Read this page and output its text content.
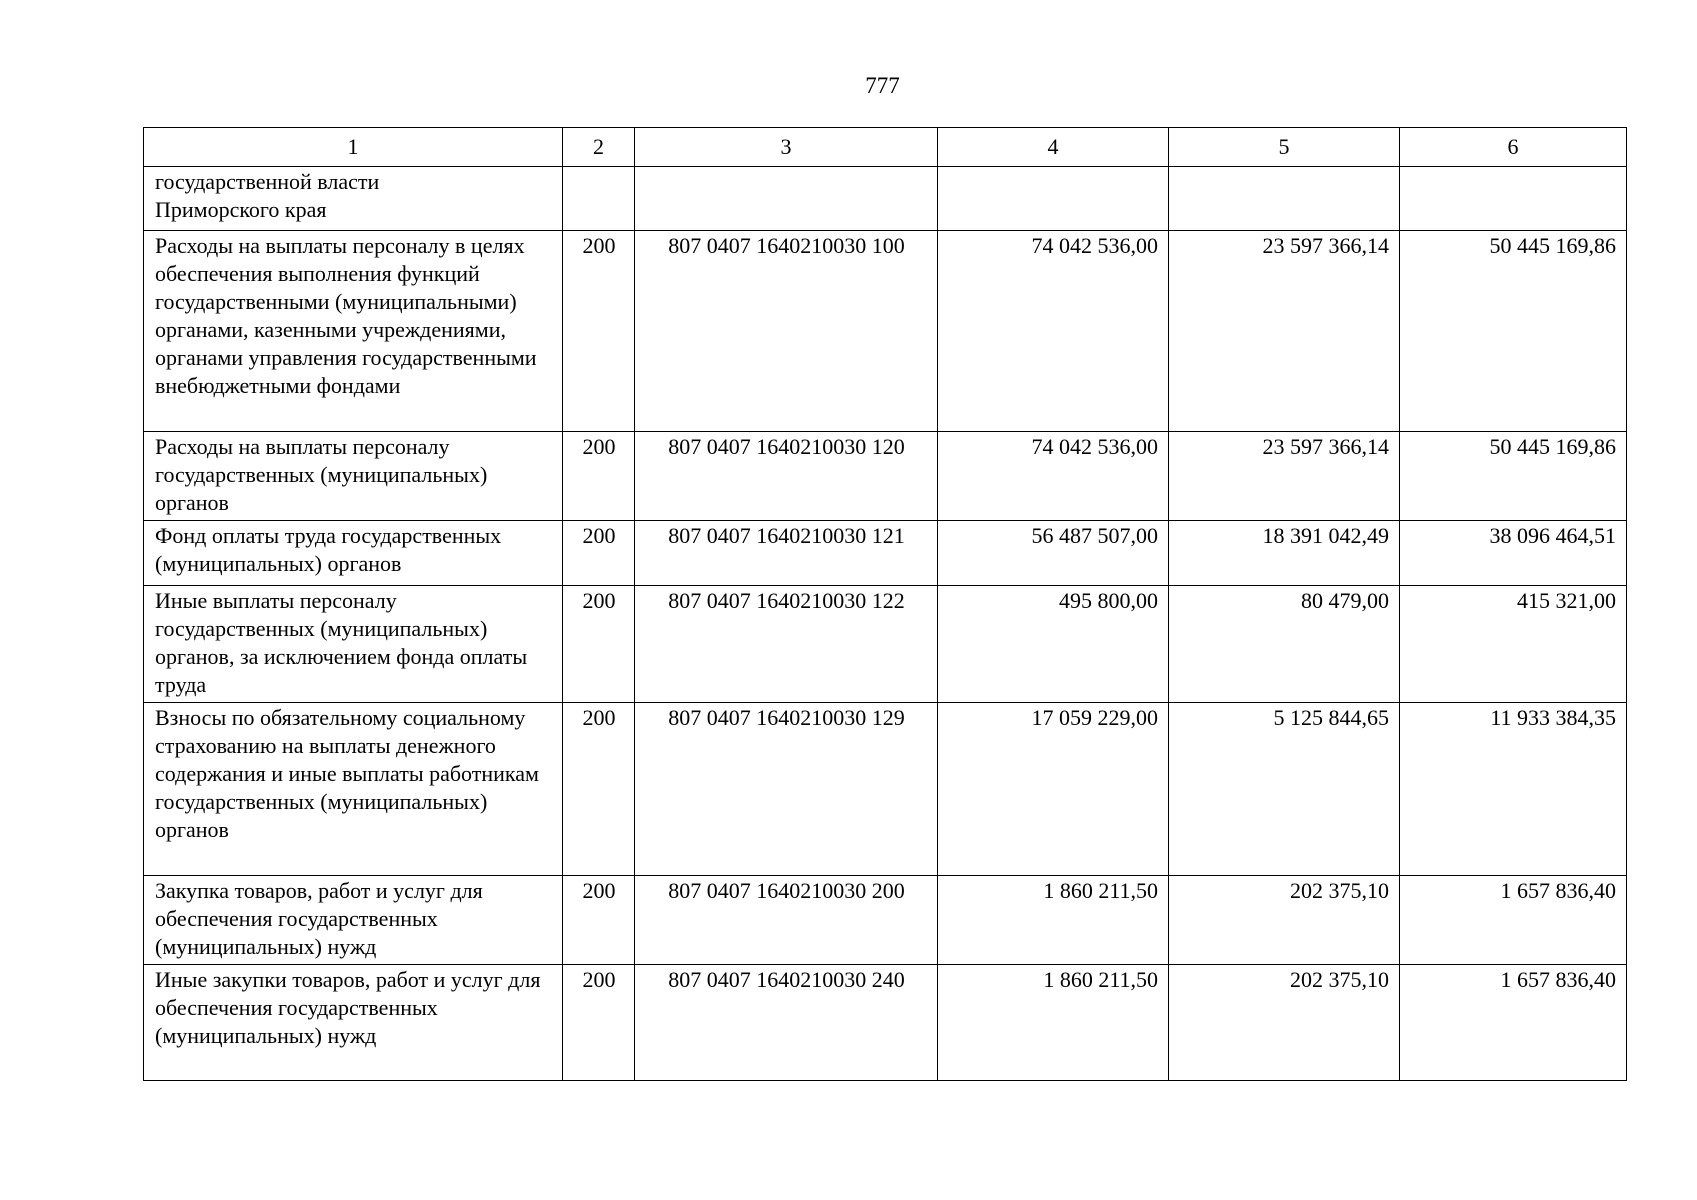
777
1	2	3	4	5	6
государственной власти
Приморского края					
Расходы на выплаты персоналу в целях обеспечения выполнения функций государственными (муниципальными) органами, казенными учреждениями, органами управления государственными внебюджетными фондами	200	807 0407 1640210030 100	74 042 536,00	23 597 366,14	50 445 169,86
Расходы на выплаты персоналу государственных (муниципальных) органов	200	807 0407 1640210030 120	74 042 536,00	23 597 366,14	50 445 169,86
Фонд оплаты труда государственных (муниципальных) органов	200	807 0407 1640210030 121	56 487 507,00	18 391 042,49	38 096 464,51
Иные выплаты персоналу государственных (муниципальных) органов, за исключением фонда оплаты труда	200	807 0407 1640210030 122	495 800,00	80 479,00	415 321,00
Взносы по обязательному социальному страхованию на выплаты денежного содержания и иные выплаты работникам государственных (муниципальных) органов	200	807 0407 1640210030 129	17 059 229,00	5 125 844,65	11 933 384,35
Закупка товаров, работ и услуг для обеспечения государственных (муниципальных) нужд	200	807 0407 1640210030 200	1 860 211,50	202 375,10	1 657 836,40
Иные закупки товаров, работ и услуг для обеспечения государственных (муниципальных) нужд	200	807 0407 1640210030 240	1 860 211,50	202 375,10	1 657 836,40
